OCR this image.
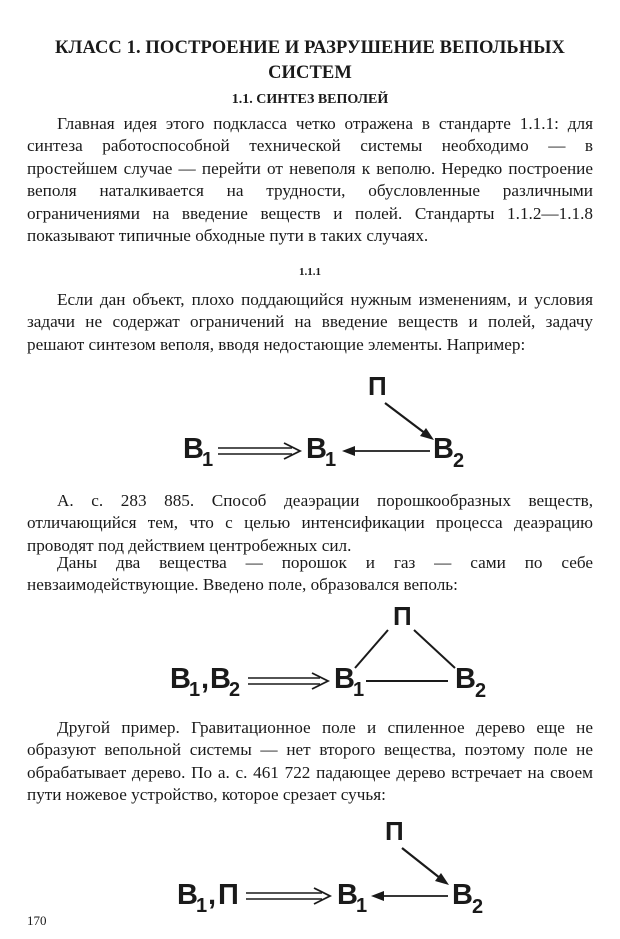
КЛАСС 1. ПОСТРОЕНИЕ И РАЗРУШЕНИЕ ВЕПОЛЬНЫХ
СИСТЕМ
1.1. СИНТЕЗ ВЕПОЛЕЙ

Главная идея этого подкласса четко отражена в стандарте 1.1.1: для синтеза работоспособной технической системы необходимо — в простейшем случае — перейти от невеполя к веполю. Нередко построение веполя наталкивается на трудности, обусловленные различными ограничениями на введение веществ и полей. Стандарты 1.1.2—1.1.8 показывают типичные обходные пути в таких случаях.

1.1.1

Если дан объект, плохо поддающийся нужным изменениям, и условия задачи не содержат ограничений на введение веществ и полей, задачу решают синтезом веполя, вводя недостающие элементы. Например:

П
В
1	В
1	В 2

А. с. 283 885. Способ деаэрации порошкообразных веществ, отличающийся тем, что с целью интенсификации процесса деаэрацию проводят под действием центробежных сил.

Даны два вещества — порошок и газ — сами по себе невзаимодействующие. Введено поле, образовался веполь:

П
В
1 , В
2	В
1	В 2

Другой пример. Гравитационное поле и спиленное дерево еще не образуют вепольной системы — нет второго вещества, поэтому поле не обрабатывает дерево. По а. с. 461 722 падающее дерево встречает на своем пути ножевое устройство, которое срезает сучья:

П
В
1 , П	В
1	В 2
170
